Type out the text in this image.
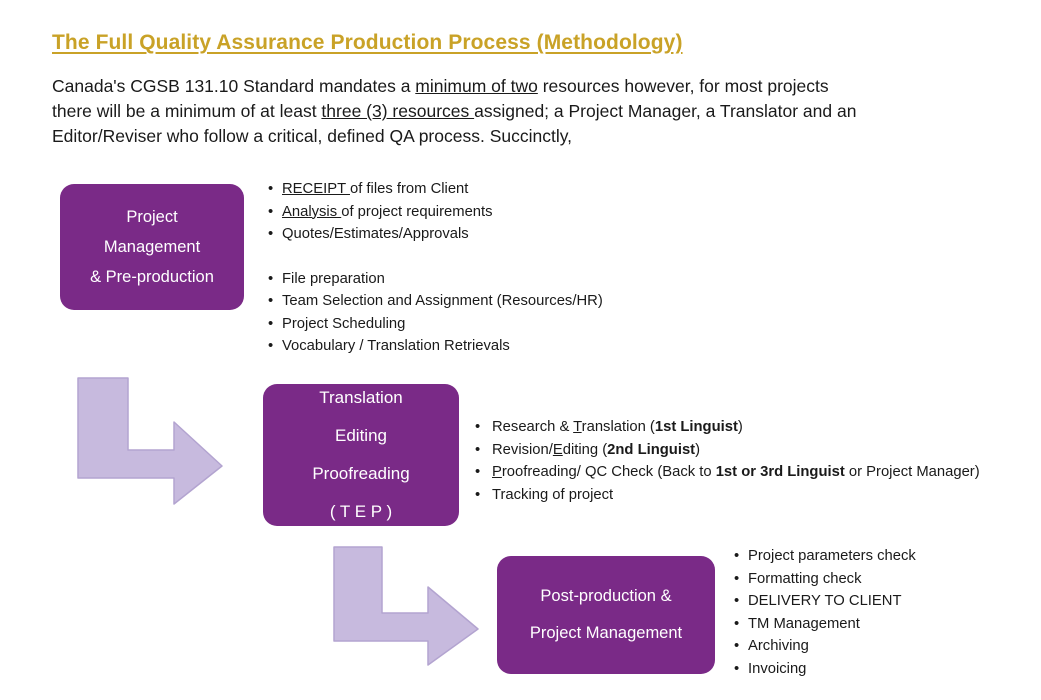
The Full Quality Assurance Production Process (Methodology)
Canada's CGSB 131.10 Standard mandates a minimum of two resources however, for most projects
there will be a minimum of at least three (3) resources assigned; a Project Manager, a Translator and an
Editor/Reviser who follow a critical, defined QA process. Succinctly,
Project
Management
& Pre-production
• RECEIPT of files from Client
• Analysis of project requirements
• Quotes/Estimates/Approvals
• File preparation
• Team Selection and Assignment (Resources/HR)
• Project Scheduling
• Vocabulary / Translation Retrievals
Translation
Editing
Proofreading
( T E P )
• Research & Translation (1st Linguist)
• Revision/Editing (2nd Linguist)
• Proofreading/ QC Check (Back to 1st or 3rd Linguist or Project Manager)
• Tracking of project
Post-production &
Project Management
• Project parameters check
• Formatting check
• DELIVERY TO CLIENT
• TM Management
• Archiving
• Invoicing
